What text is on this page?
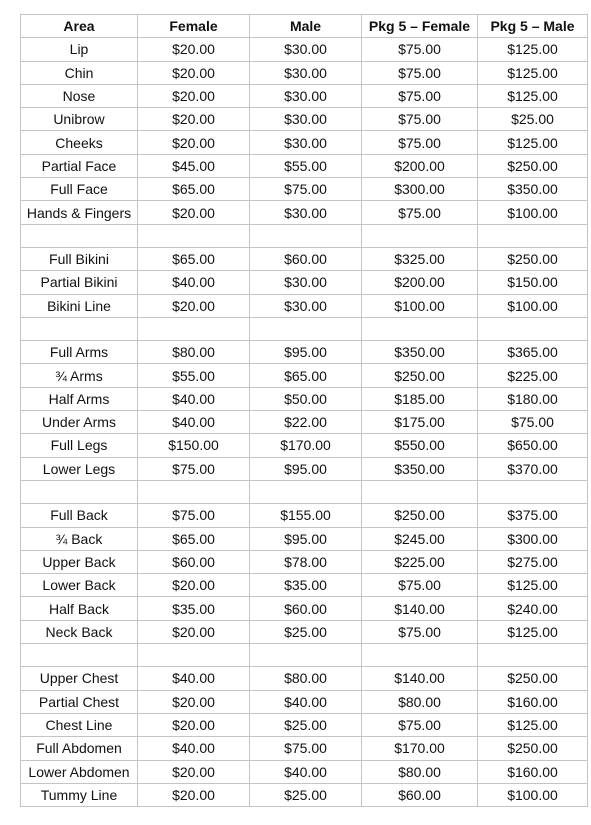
Area	Female	Male	Pkg 5 – Female	Pkg 5 – Male
Lip	$20.00	$30.00	$75.00	$125.00
Chin	$20.00	$30.00	$75.00	$125.00
Nose	$20.00	$30.00	$75.00	$125.00
Unibrow	$20.00	$30.00	$75.00	$25.00
Cheeks	$20.00	$30.00	$75.00	$125.00
Partial Face	$45.00	$55.00	$200.00	$250.00
Full Face	$65.00	$75.00	$300.00	$350.00
Hands & Fingers	$20.00	$30.00	$75.00	$100.00

Full Bikini	$65.00	$60.00	$325.00	$250.00
Partial Bikini	$40.00	$30.00	$200.00	$150.00
Bikini Line	$20.00	$30.00	$100.00	$100.00

Full Arms	$80.00	$95.00	$350.00	$365.00
¾ Arms	$55.00	$65.00	$250.00	$225.00
Half Arms	$40.00	$50.00	$185.00	$180.00
Under Arms	$40.00	$22.00	$175.00	$75.00
Full Legs	$150.00	$170.00	$550.00	$650.00
Lower Legs	$75.00	$95.00	$350.00	$370.00

Full Back	$75.00	$155.00	$250.00	$375.00
¾ Back	$65.00	$95.00	$245.00	$300.00
Upper Back	$60.00	$78.00	$225.00	$275.00
Lower Back	$20.00	$35.00	$75.00	$125.00
Half Back	$35.00	$60.00	$140.00	$240.00
Neck Back	$20.00	$25.00	$75.00	$125.00

Upper Chest	$40.00	$80.00	$140.00	$250.00
Partial Chest	$20.00	$40.00	$80.00	$160.00
Chest Line	$20.00	$25.00	$75.00	$125.00
Full Abdomen	$40.00	$75.00	$170.00	$250.00
Lower Abdomen	$20.00	$40.00	$80.00	$160.00
Tummy Line	$20.00	$25.00	$60.00	$100.00
